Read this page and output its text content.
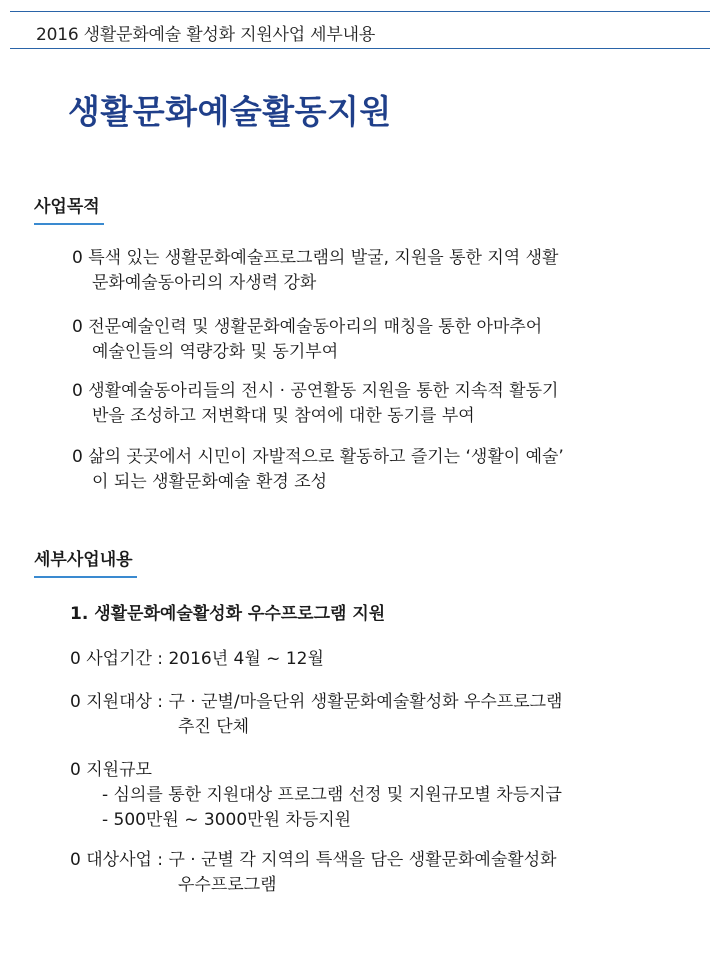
2016 생활문화예술 활성화 지원사업 세부내용
생활문화예술활동지원
사업목적
0 특색 있는 생활문화예술프로그램의 발굴, 지원을 통한 지역 생활
문화예술동아리의 자생력 강화
0 전문예술인력 및 생활문화예술동아리의 매칭을 통한 아마추어
예술인들의 역량강화 및 동기부여
0 생활예술동아리들의 전시 · 공연활동 지원을 통한 지속적 활동기
반을 조성하고 저변확대 및 참여에 대한 동기를 부여
0 삶의 곳곳에서 시민이 자발적으로 활동하고 즐기는 ‘생활이 예술’
이 되는 생활문화예술 환경 조성
세부사업내용
1. 생활문화예술활성화 우수프로그램 지원
0 사업기간 : 2016년 4월 ~ 12월
0 지원대상 : 구 · 군별/마을단위 생활문화예술활성화 우수프로그램
추진 단체
0 지원규모
- 심의를 통한 지원대상 프로그램 선정 및 지원규모별 차등지급
- 500만원 ~ 3000만원 차등지원
0 대상사업 : 구 · 군별 각 지역의 특색을 담은 생활문화예술활성화
우수프로그램
